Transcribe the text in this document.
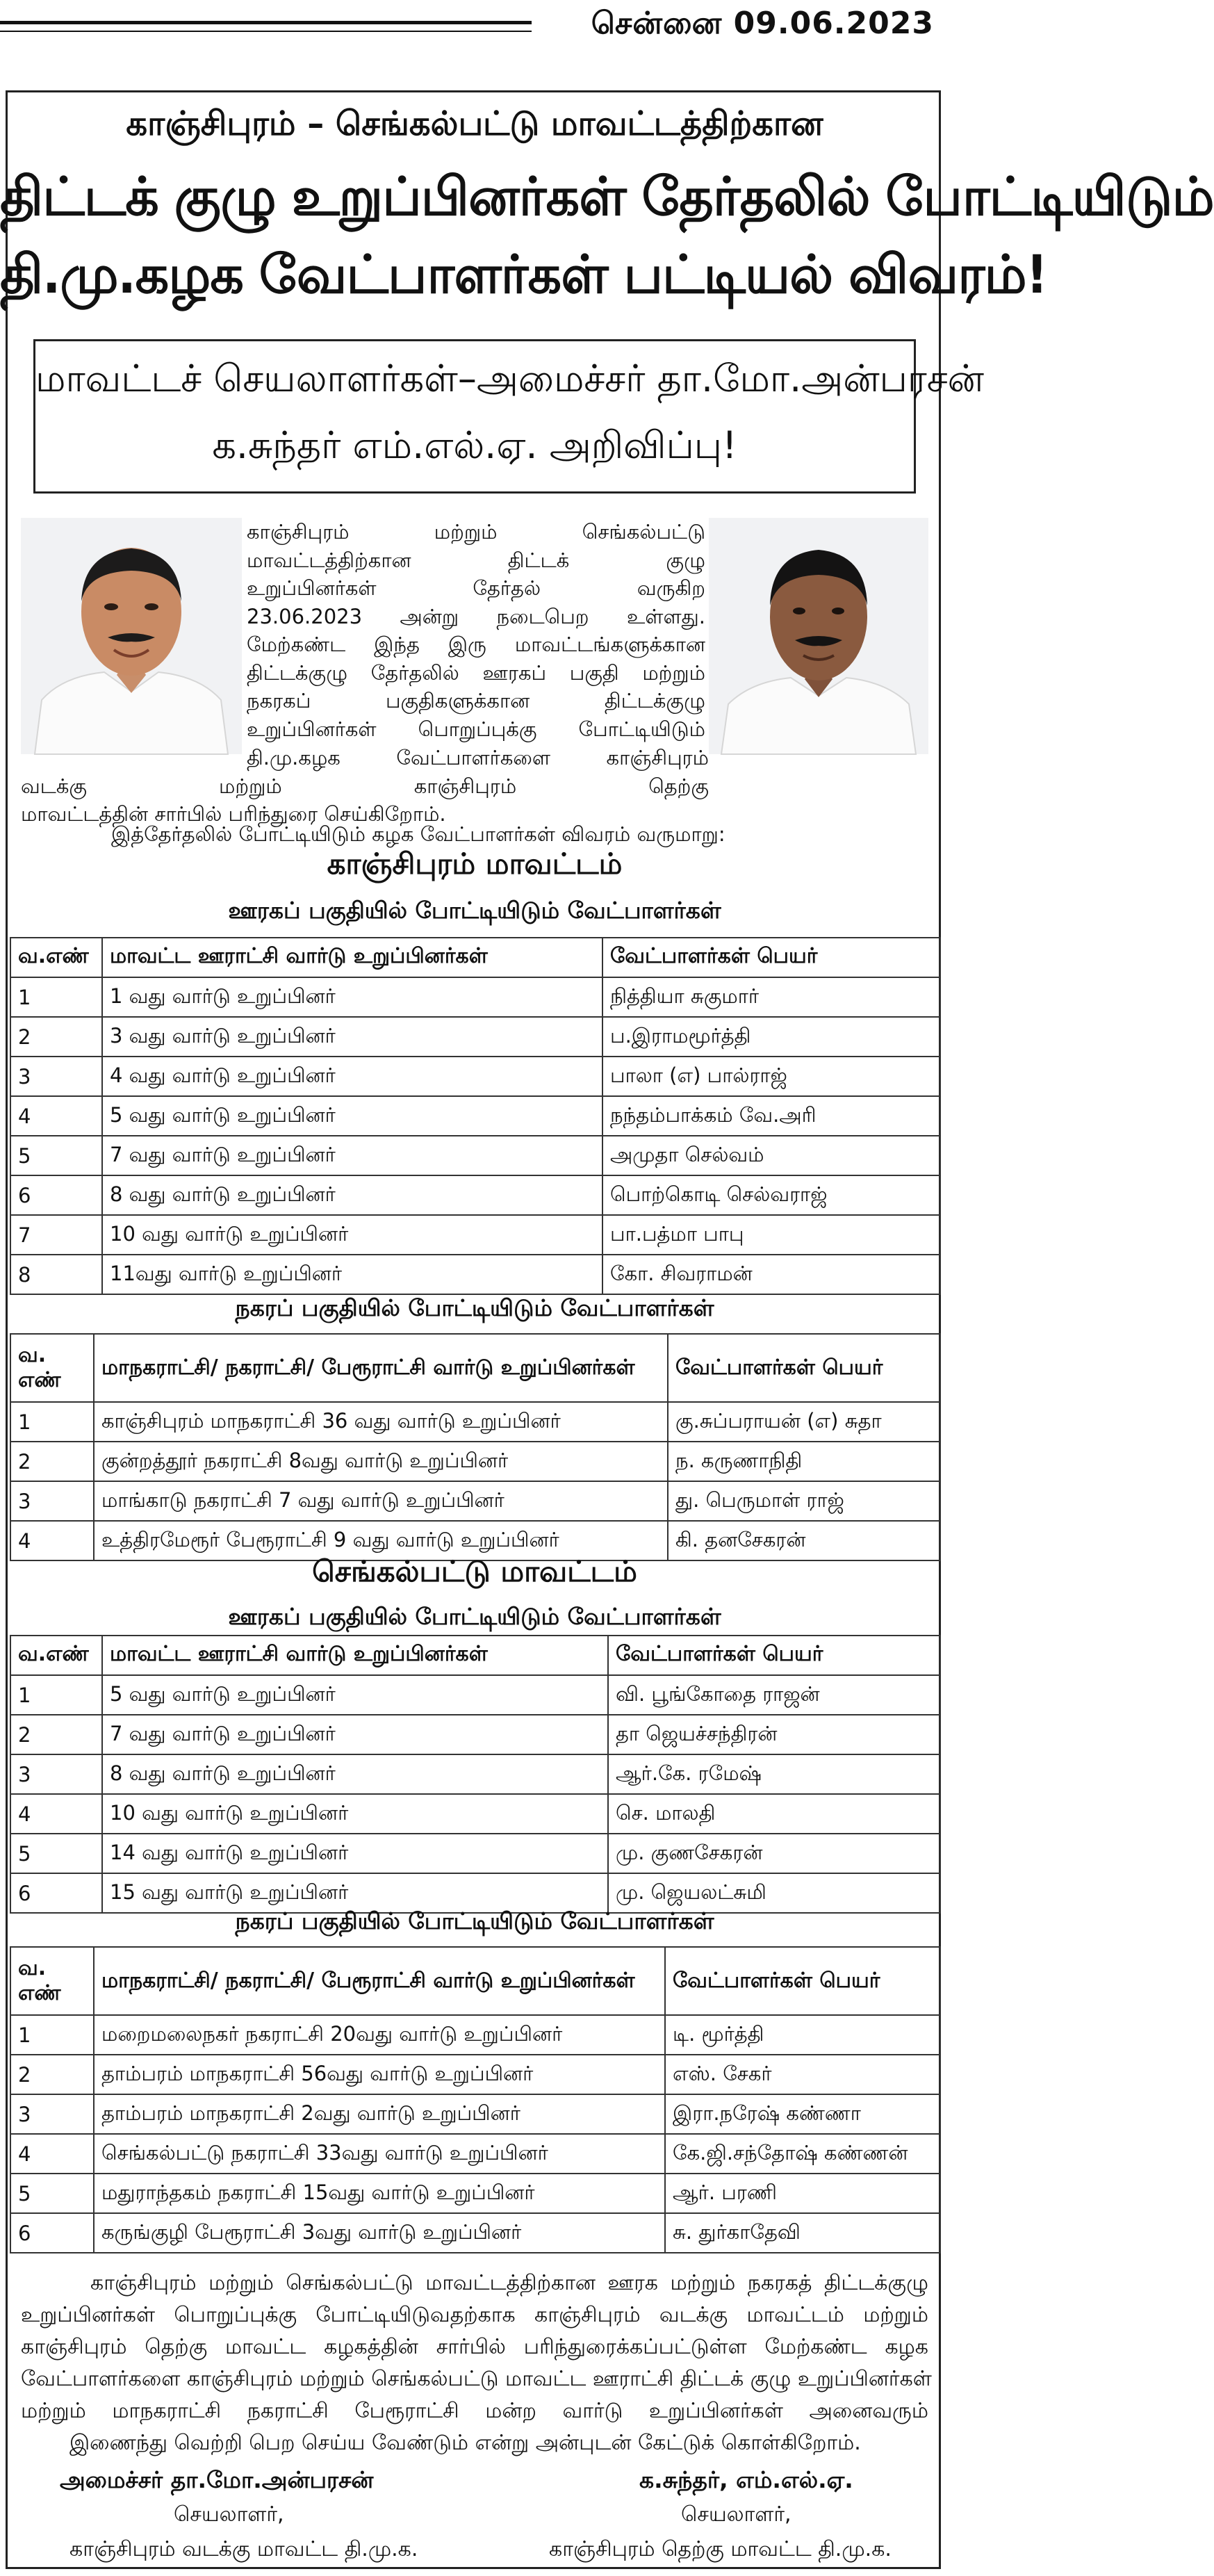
சென்னை 09.06.2023
காஞ்சிபுரம் – செங்கல்பட்டு மாவட்டத்திற்கான
திட்டக் குழு உறுப்பினர்கள் தேர்தலில் போட்டியிடும்
தி.மு.கழக வேட்பாளர்கள் பட்டியல் விவரம்!
மாவட்டச் செயலாளர்கள்–அமைச்சர் தா.மோ.அன்பரசன்
க.சுந்தர் எம்.எல்.ஏ. அறிவிப்பு!
காஞ்சிபுரம் மற்றும் செங்கல்பட்டு
மாவட்டத்திற்கான திட்டக் குழு
உறுப்பினர்கள் தேர்தல் வருகிற
23.06.2023 அன்று நடைபெற உள்ளது.
மேற்கண்ட இந்த இரு மாவட்டங்களுக்கான
திட்டக்குழு தேர்தலில் ஊரகப் பகுதி மற்றும்
நகரகப் பகுதிகளுக்கான திட்டக்குழு
உறுப்பினர்கள் பொறுப்புக்கு போட்டியிடும்
தி.மு.கழக வேட்பாளர்களை காஞ்சிபுரம்
வடக்கு மற்றும் காஞ்சிபுரம் தெற்கு
மாவட்டத்தின் சார்பில் பரிந்துரை செய்கிறோம்.
இத்தேர்தலில் போட்டியிடும் கழக வேட்பாளர்கள் விவரம் வருமாறு:
காஞ்சிபுரம் மாவட்டம்
ஊரகப் பகுதியில் போட்டியிடும் வேட்பாளர்கள்
வ.எண்	மாவட்ட ஊராட்சி வார்டு உறுப்பினர்கள்	வேட்பாளர்கள் பெயர்
1	1 வது வார்டு உறுப்பினர்	நித்தியா சுகுமார்
2	3 வது வார்டு உறுப்பினர்	ப.இராமமூர்த்தி
3	4 வது வார்டு உறுப்பினர்	பாலா (எ) பால்ராஜ்
4	5 வது வார்டு உறுப்பினர்	நந்தம்பாக்கம் வே.அரி
5	7 வது வார்டு உறுப்பினர்	அமுதா செல்வம்
6	8 வது வார்டு உறுப்பினர்	பொற்கொடி செல்வராஜ்
7	10 வது வார்டு உறுப்பினர்	பா.பத்மா பாபு
8	11வது வார்டு உறுப்பினர்	கோ. சிவராமன்
நகரப் பகுதியில் போட்டியிடும் வேட்பாளர்கள்
வ. எண்	மாநகராட்சி/ நகராட்சி/ பேரூராட்சி வார்டு உறுப்பினர்கள்	வேட்பாளர்கள் பெயர்
1	காஞ்சிபுரம் மாநகராட்சி 36 வது வார்டு உறுப்பினர்	கு.சுப்பராயன் (எ) சுதா
2	குன்றத்தூர் நகராட்சி 8வது வார்டு உறுப்பினர்	ந. கருணாநிதி
3	மாங்காடு நகராட்சி 7 வது வார்டு உறுப்பினர்	து. பெருமாள் ராஜ்
4	உத்திரமேரூர் பேரூராட்சி 9 வது வார்டு உறுப்பினர்	கி. தனசேகரன்
செங்கல்பட்டு மாவட்டம்
ஊரகப் பகுதியில் போட்டியிடும் வேட்பாளர்கள்
வ.எண்	மாவட்ட ஊராட்சி வார்டு உறுப்பினர்கள்	வேட்பாளர்கள் பெயர்
1	5 வது வார்டு உறுப்பினர்	வி. பூங்கோதை ராஜன்
2	7 வது வார்டு உறுப்பினர்	தா ஜெயச்சந்திரன்
3	8 வது வார்டு உறுப்பினர்	ஆர்.கே. ரமேஷ்
4	10 வது வார்டு உறுப்பினர்	செ. மாலதி
5	14 வது வார்டு உறுப்பினர்	மு. குணசேகரன்
6	15 வது வார்டு உறுப்பினர்	மு. ஜெயலட்சுமி
நகரப் பகுதியில் போட்டியிடும் வேட்பாளர்கள்
வ. எண்	மாநகராட்சி/ நகராட்சி/ பேரூராட்சி வார்டு உறுப்பினர்கள்	வேட்பாளர்கள் பெயர்
1	மறைமலைநகர் நகராட்சி 20வது வார்டு உறுப்பினர்	டி. மூர்த்தி
2	தாம்பரம் மாநகராட்சி 56வது வார்டு உறுப்பினர்	எஸ். சேகர்
3	தாம்பரம் மாநகராட்சி 2வது வார்டு உறுப்பினர்	இரா.நரேஷ் கண்ணா
4	செங்கல்பட்டு நகராட்சி 33வது வார்டு உறுப்பினர்	கே.ஜி.சந்தோஷ் கண்ணன்
5	மதுராந்தகம் நகராட்சி 15வது வார்டு உறுப்பினர்	ஆர். பரணி
6	கருங்குழி பேரூராட்சி 3வது வார்டு உறுப்பினர்	சு. துர்காதேவி
காஞ்சிபுரம் மற்றும் செங்கல்பட்டு மாவட்டத்திற்கான ஊரக மற்றும் நகரகத் திட்டக்குழு
உறுப்பினர்கள் பொறுப்புக்கு போட்டியிடுவதற்காக காஞ்சிபுரம் வடக்கு மாவட்டம் மற்றும்
காஞ்சிபுரம் தெற்கு மாவட்ட கழகத்தின் சார்பில் பரிந்துரைக்கப்பட்டுள்ள மேற்கண்ட கழக
வேட்பாளர்களை காஞ்சிபுரம் மற்றும் செங்கல்பட்டு மாவட்ட ஊராட்சி திட்டக் குழு உறுப்பினர்கள்
மற்றும் மாநகராட்சி நகராட்சி பேரூராட்சி மன்ற வார்டு உறுப்பினர்கள் அனைவரும்
இணைந்து வெற்றி பெற செய்ய வேண்டும் என்று அன்புடன் கேட்டுக் கொள்கிறோம்.
அமைச்சர் தா.மோ.அன்பரசன்
செயலாளர்,
காஞ்சிபுரம் வடக்கு மாவட்ட தி.மு.க.
க.சுந்தர், எம்.எல்.ஏ.
செயலாளர்,
காஞ்சிபுரம் தெற்கு மாவட்ட தி.மு.க.
